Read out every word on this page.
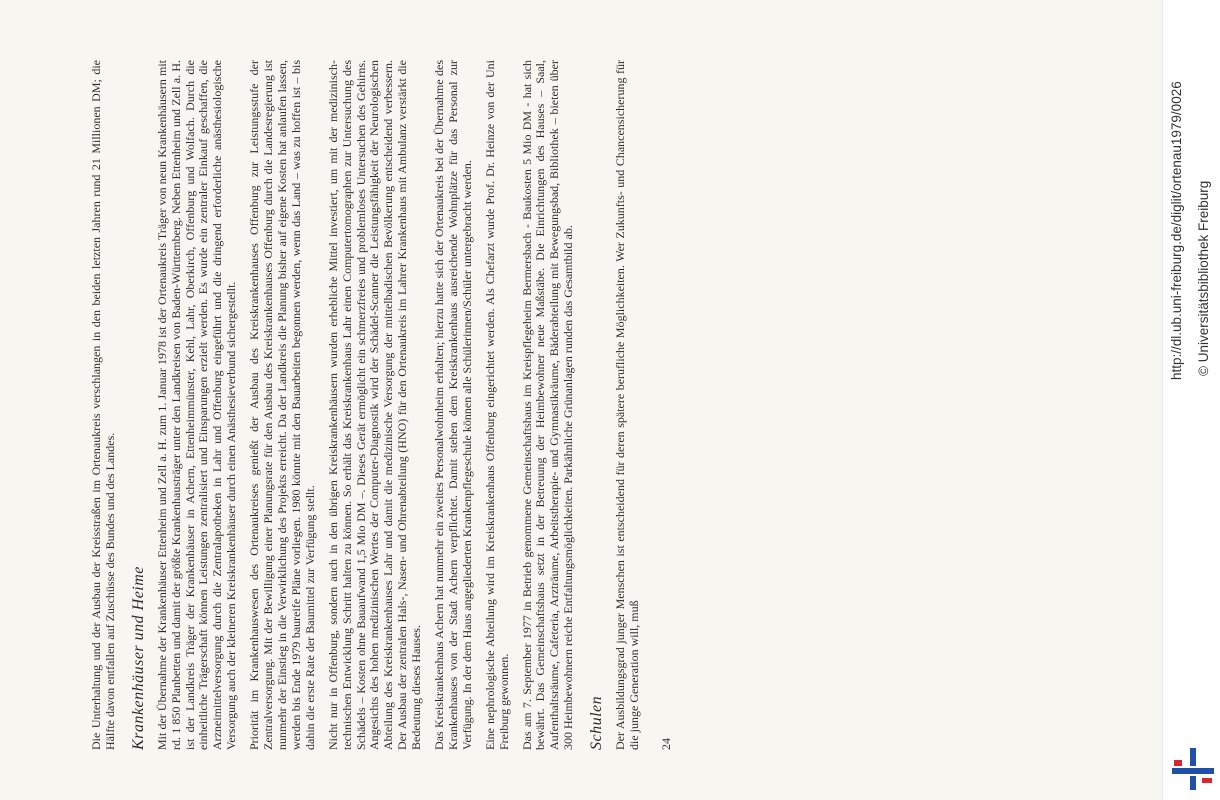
Die Unterhaltung und der Ausbau der Kreisstraßen im Ortenaukreis verschlangen in den beiden letzten Jahren rund 21 Millionen DM; die Hälfte davon entfallen auf Zuschüsse des Bundes und des Landes. Krankenhäuser und Heime Mit der Übernahme der Krankenhäuser Ettenheim und Zell a. H. zum 1. Januar 1978 ist der Ortenaukreis Träger von neun Krankenhäusern mit rd. 1 850 Planbetten und damit der größte Krankenhausträger unter den Landkreisen von Baden-Württemberg. Neben Ettenheim und Zell a. H. ist der Landkreis Träger der Krankenhäuser in Achern, Ettenheimmünster, Kehl, Lahr, Oberkirch, Offenburg und Wolfach. Durch die einheitliche Trägerschaft können Leistungen zentralisiert und Einsparungen erzielt werden. Es wurde ein zentraler Einkauf geschaffen, die Arzneimittelversorgung durch die Zentralapotheken in Lahr und Offenburg eingeführt und die dringend erforderliche anästhesiologische Versorgung auch der kleineren Kreiskrankenhäuser durch einen Anästhesieverbund sichergestellt. Priorität im Krankenhauswesen des Ortenaukreises genießt der Ausbau des Kreiskrankenhauses Offenburg zur Leistungsstufe der Zentralversorgung. Mit der Bewilligung einer Planungsrate für den Ausbau des Kreiskrankenhauses Offenburg durch die Landesregierung ist nunmehr der Einstieg in die Verwirklichung des Projekts erreicht. Da der Landkreis die Planung bisher auf eigene Kosten hat anlaufen lassen, werden bis Ende 1979 baureife Pläne vorliegen. 1980 könnte mit den Bauarbeiten begonnen werden, wenn das Land – was zu hoffen ist – bis dahin die erste Rate der Baumittel zur Verfügung stellt. Nicht nur in Offenburg, sondern auch in den übrigen Kreiskrankenhäusern wurden erhebliche Mittel investiert, um mit der medizinisch-technischen Entwicklung Schritt halten zu können. So erhält das Kreiskrankenhaus Lahr einen Computertomographen zur Untersuchung des Schädels – Kosten ohne Bauaufwand 1,5 Mio DM –. Dieses Gerät ermöglicht ein schmerzfreies und problemloses Untersuchen des Gehirns. Angesichts des hohen medizinischen Wertes der Computer-Diagnostik wird der Schädel-Scanner die Leistungsfähigkeit der Neurologischen Abteilung des Kreiskrankenhauses Lahr und damit die medizinische Versorgung der mittelbadischen Bevölkerung entscheidend verbessern. Der Ausbau der zentralen Hals-, Nasen- und Ohrenabteilung (HNO) für den Ortenaukreis im Lahrer Krankenhaus mit Ambulanz verstärkt die Bedeutung dieses Hauses. Das Kreiskrankenhaus Achern hat nunmehr ein zweites Personalwohnheim erhalten; hierzu hatte sich der Ortenaukreis bei der Übernahme des Krankenhauses von der Stadt Achern verpflichtet. Damit stehen dem Kreiskrankenhaus ausreichende Wohnplätze für das Personal zur Verfügung. In der dem Haus angegliederten Krankenpflegeschule können alle Schülerinnen/Schüler untergebracht werden. Eine nephrologische Abteilung wird im Kreiskrankenhaus Offenburg eingerichtet werden. Als Chefarzt wurde Prof. Dr. Heinze von der Uni Freiburg gewonnen. Das am 7. September 1977 in Betrieb genommene Gemeinschaftshaus im Kreispflegeheim Bermersbach - Baukosten 5 Mio DM - hat sich bewährt. Das Gemeinschaftshaus setzt in der Betreuung der Heimbewohner neue Maßstäbe. Die Einrichtungen des Hauses – Saal, Aufenthaltsräume, Cafeteria, Arzträume, Arbeitstherapie- und Gymnastikräume, Bäderabteilung mit Bewegungsbad, Bibliothek – bieten über 300 Heimbewohnern reiche Entfaltungsmöglichkeiten. Parkähnliche Grünanlagen runden das Gesamtbild ab. Schulen Der Ausbildungsgrad junger Menschen ist entscheidend für deren spätere berufliche Möglichkeiten. Wer Zukunfts- und Chancensicherung für die junge Generation will, muß 24
http://dl.ub.uni-freiburg.de/diglit/ortenau1979/0026 © Universitätsbibliothek Freiburg
